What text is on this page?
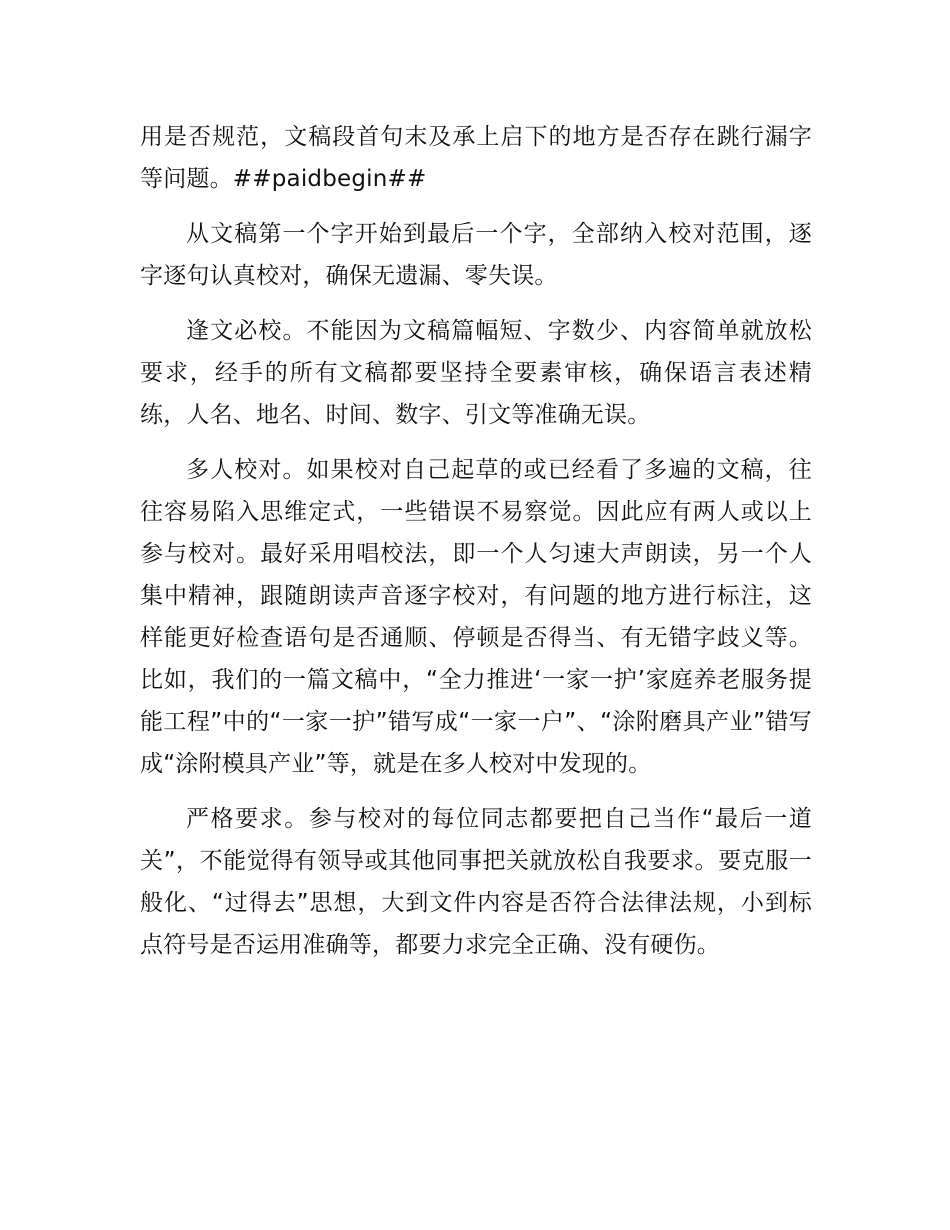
用是否规范，文稿段首句末及承上启下的地方是否存在跳行漏字等问题。##paidbegin##

从文稿第一个字开始到最后一个字，全部纳入校对范围，逐字逐句认真校对，确保无遗漏、零失误。

逢文必校。不能因为文稿篇幅短、字数少、内容简单就放松要求，经手的所有文稿都要坚持全要素审核，确保语言表述精练，人名、地名、时间、数字、引文等准确无误。

多人校对。如果校对自己起草的或已经看了多遍的文稿，往往容易陷入思维定式，一些错误不易察觉。因此应有两人或以上参与校对。最好采用唱校法，即一个人匀速大声朗读，另一个人集中精神，跟随朗读声音逐字校对，有问题的地方进行标注，这样能更好检查语句是否通顺、停顿是否得当、有无错字歧义等。比如，我们的一篇文稿中，“全力推进‘一家一护’家庭养老服务提能工程”中的“一家一护”错写成“一家一户”、“涂附磨具产业”错写成“涂附模具产业”等，就是在多人校对中发现的。

严格要求。参与校对的每位同志都要把自己当作“最后一道关”，不能觉得有领导或其他同事把关就放松自我要求。要克服一般化、“过得去”思想，大到文件内容是否符合法律法规，小到标点符号是否运用准确等，都要力求完全正确、没有硬伤。
